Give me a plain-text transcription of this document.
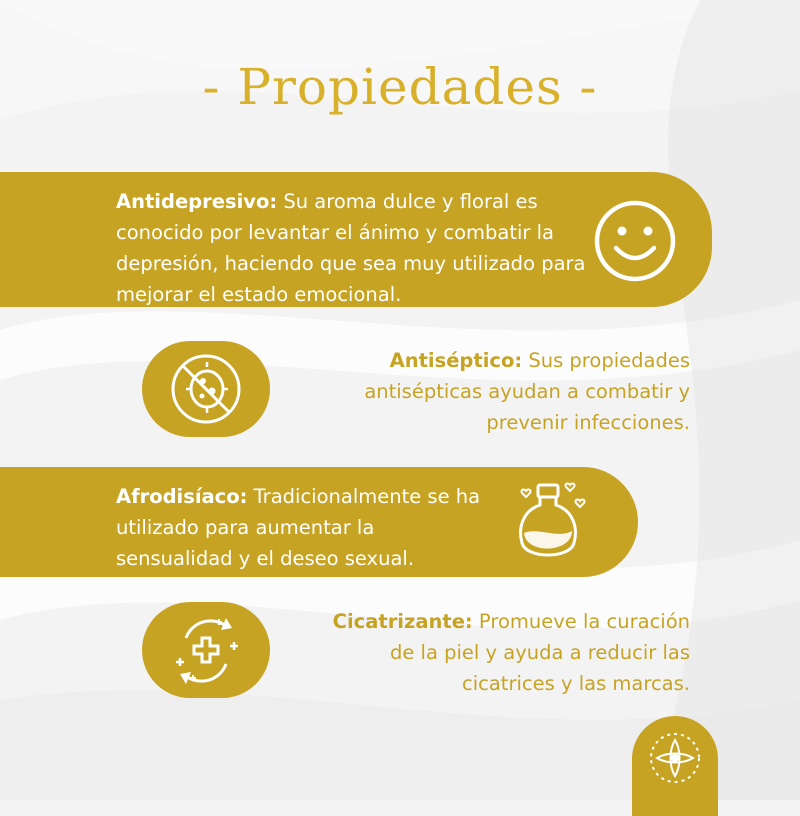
- Propiedades -
Antidepresivo: Su aroma dulce y floral es conocido por levantar el ánimo y combatir la depresión, haciendo que sea muy utilizado para mejorar el estado emocional.
Antiséptico: Sus propiedades antisépticas ayudan a combatir y prevenir infecciones.
Afrodisíaco: Tradicionalmente se ha utilizado para aumentar la sensualidad y el deseo sexual.
Cicatrizante: Promueve la curación de la piel y ayuda a reducir las cicatrices y las marcas.
